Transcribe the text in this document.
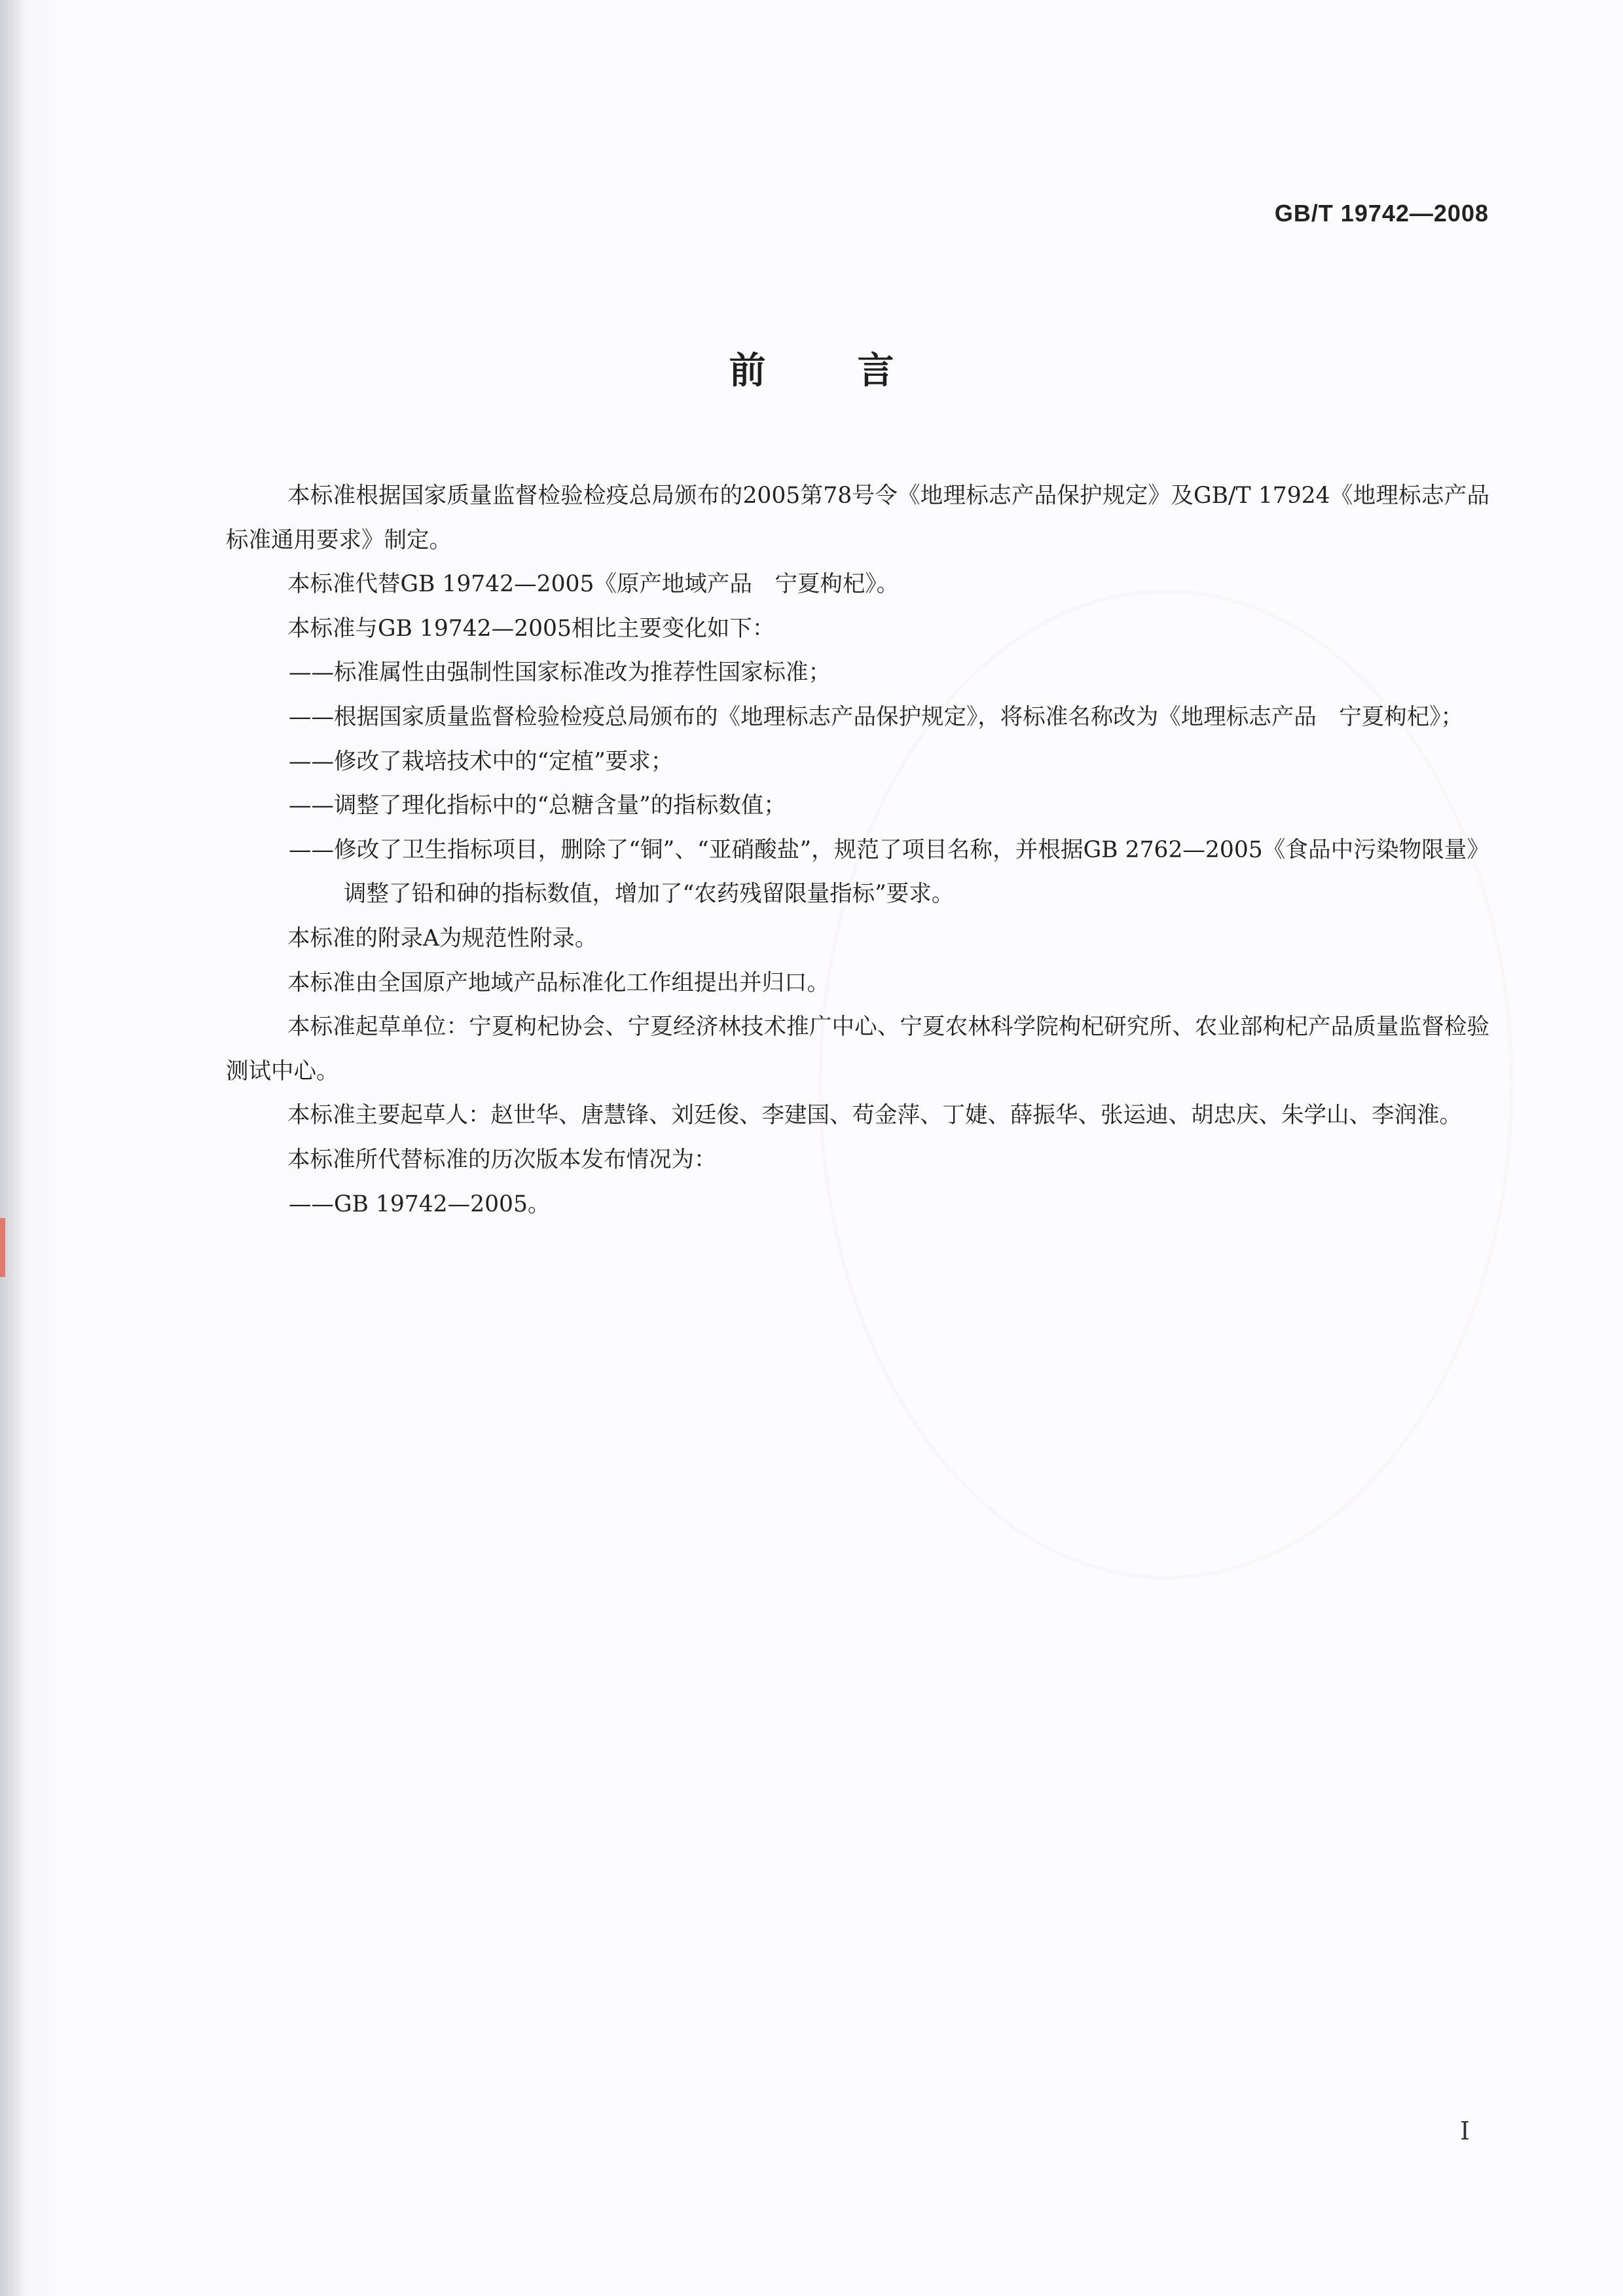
GB/T 19742—2008
前言

本标准根据国家质量监督检验检疫总局颁布的2005第78号令《地理标志产品保护规定》及GB/T 17924《地理标志产品标准通用要求》制定。

本标准代替GB 19742—2005《原产地域产品　宁夏枸杞》。

本标准与GB 19742—2005相比主要变化如下：

——标准属性由强制性国家标准改为推荐性国家标准；

——根据国家质量监督检验检疫总局颁布的《地理标志产品保护规定》，将标准名称改为《地理标志产品　宁夏枸杞》；

——修改了栽培技术中的“定植”要求；

——调整了理化指标中的“总糖含量”的指标数值；

——修改了卫生指标项目，删除了“铜”、“亚硝酸盐”，规范了项目名称，并根据GB 2762—2005《食品中污染物限量》调整了铅和砷的指标数值，增加了“农药残留限量指标”要求。

本标准的附录A为规范性附录。

本标准由全国原产地域产品标准化工作组提出并归口。

本标准起草单位：宁夏枸杞协会、宁夏经济林技术推广中心、宁夏农林科学院枸杞研究所、农业部枸杞产品质量监督检验测试中心。

本标准主要起草人：赵世华、唐慧锋、刘廷俊、李建国、苟金萍、丁婕、薛振华、张运迪、胡忠庆、朱学山、李润淮。

本标准所代替标准的历次版本发布情况为：

——GB 19742—2005。

I
